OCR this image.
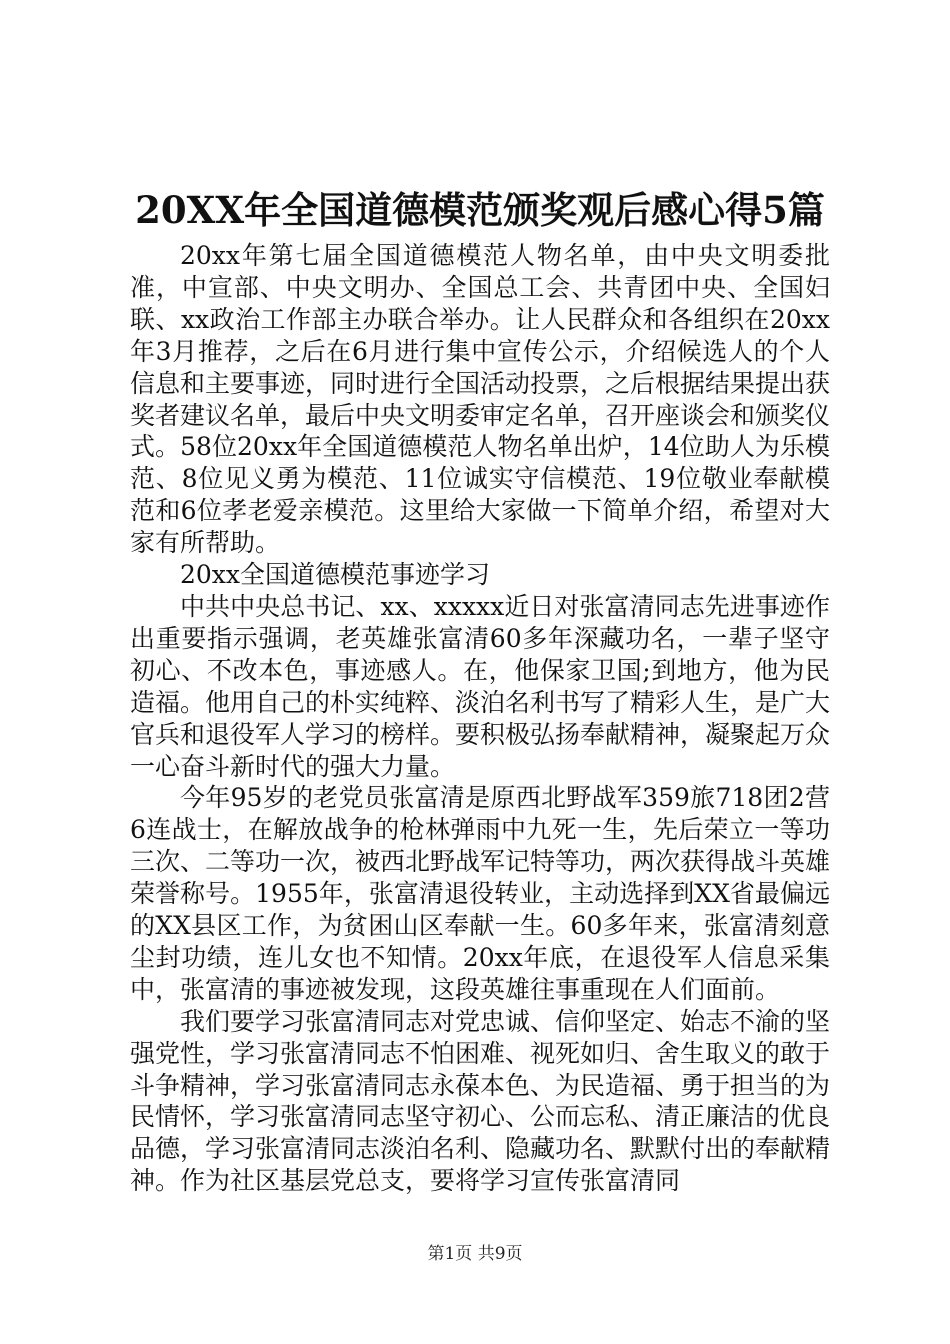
20XX年全国道德模范颁奖观后感心得5篇

20xx年第七届全国道德模范人物名单，由中央文明委批准，中宣部、中央文明办、全国总工会、共青团中央、全国妇联、xx政治工作部主办联合举办。让人民群众和各组织在20xx年3月推荐，之后在6月进行集中宣传公示，介绍候选人的个人信息和主要事迹，同时进行全国活动投票，之后根据结果提出获奖者建议名单，最后中央文明委审定名单，召开座谈会和颁奖仪式。58位20xx年全国道德模范人物名单出炉，14位助人为乐模范、8位见义勇为模范、11位诚实守信模范、19位敬业奉献模范和6位孝老爱亲模范。这里给大家做一下简单介绍，希望对大家有所帮助。

20xx全国道德模范事迹学习

中共中央总书记、xx、xxxxx近日对张富清同志先进事迹作出重要指示强调，老英雄张富清60多年深藏功名，一辈子坚守初心、不改本色，事迹感人。在，他保家卫国;到地方，他为民造福。他用自己的朴实纯粹、淡泊名利书写了精彩人生，是广大官兵和退役军人学习的榜样。要积极弘扬奉献精神，凝聚起万众一心奋斗新时代的强大力量。

今年95岁的老党员张富清是原西北野战军359旅718团2营6连战士，在解放战争的枪林弹雨中九死一生，先后荣立一等功三次、二等功一次，被西北野战军记特等功，两次获得战斗英雄荣誉称号。1955年，张富清退役转业，主动选择到XX省最偏远的XX县区工作，为贫困山区奉献一生。60多年来，张富清刻意尘封功绩，连儿女也不知情。20xx年底，在退役军人信息采集中，张富清的事迹被发现，这段英雄往事重现在人们面前。

我们要学习张富清同志对党忠诚、信仰坚定、始志不渝的坚强党性，学习张富清同志不怕困难、视死如归、舍生取义的敢于斗争精神，学习张富清同志永葆本色、为民造福、勇于担当的为民情怀，学习张富清同志坚守初心、公而忘私、清正廉洁的优良品德，学习张富清同志淡泊名利、隐藏功名、默默付出的奉献精神。作为社区基层党总支，要将学习宣传张富清同

第1页 共9页
